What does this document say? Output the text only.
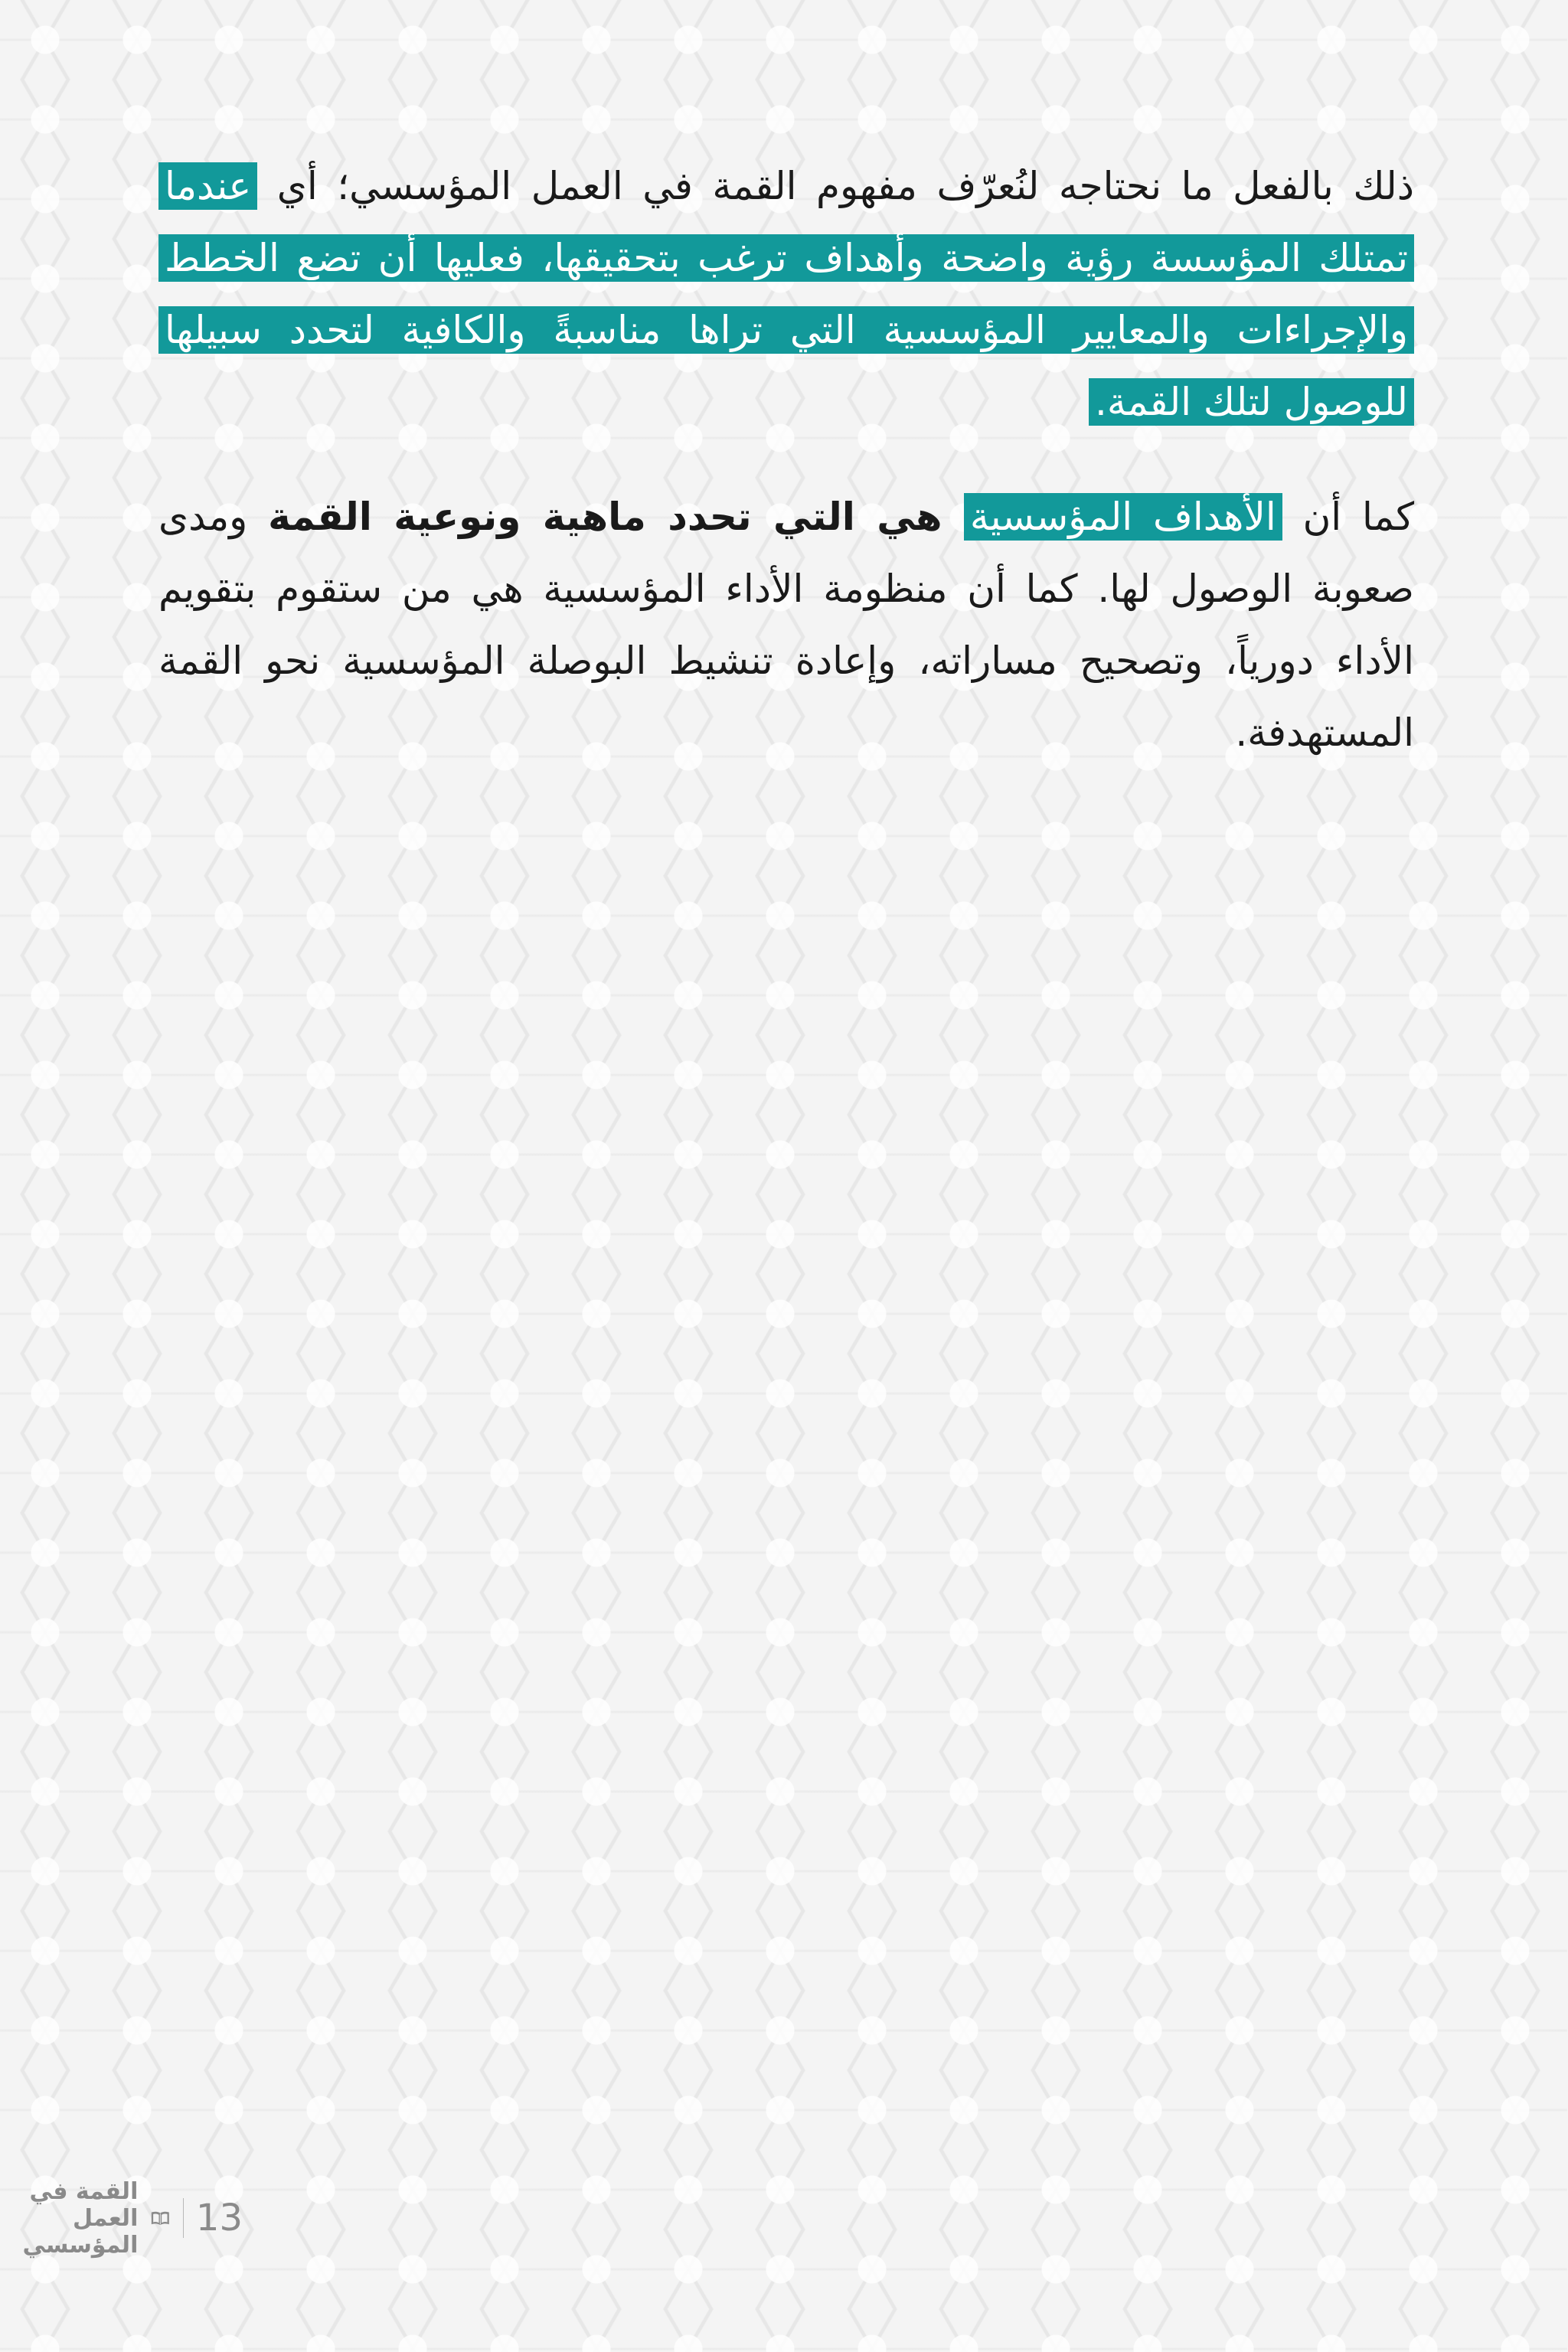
ذلك بالفعل ما نحتاجه لنُعرّف مفهوم القمة في العمل المؤسسي؛ أي عندما تمتلك المؤسسة رؤية واضحة وأهداف ترغب بتحقيقها، فعليها أن تضع الخطط والإجراءات والمعايير المؤسسية التي تراها مناسبةً والكافية لتحدد سبيلها للوصول لتلك القمة.

كما أن الأهداف المؤسسية هي التي تحدد ماهية ونوعية القمة ومدى صعوبة الوصول لها. كما أن منظومة الأداء المؤسسية هي من ستقوم بتقويم الأداء دورياً، وتصحيح مساراته، وإعادة تنشيط البوصلة المؤسسية نحو القمة المستهدفة.

13
القمة في العمل المؤسسي
